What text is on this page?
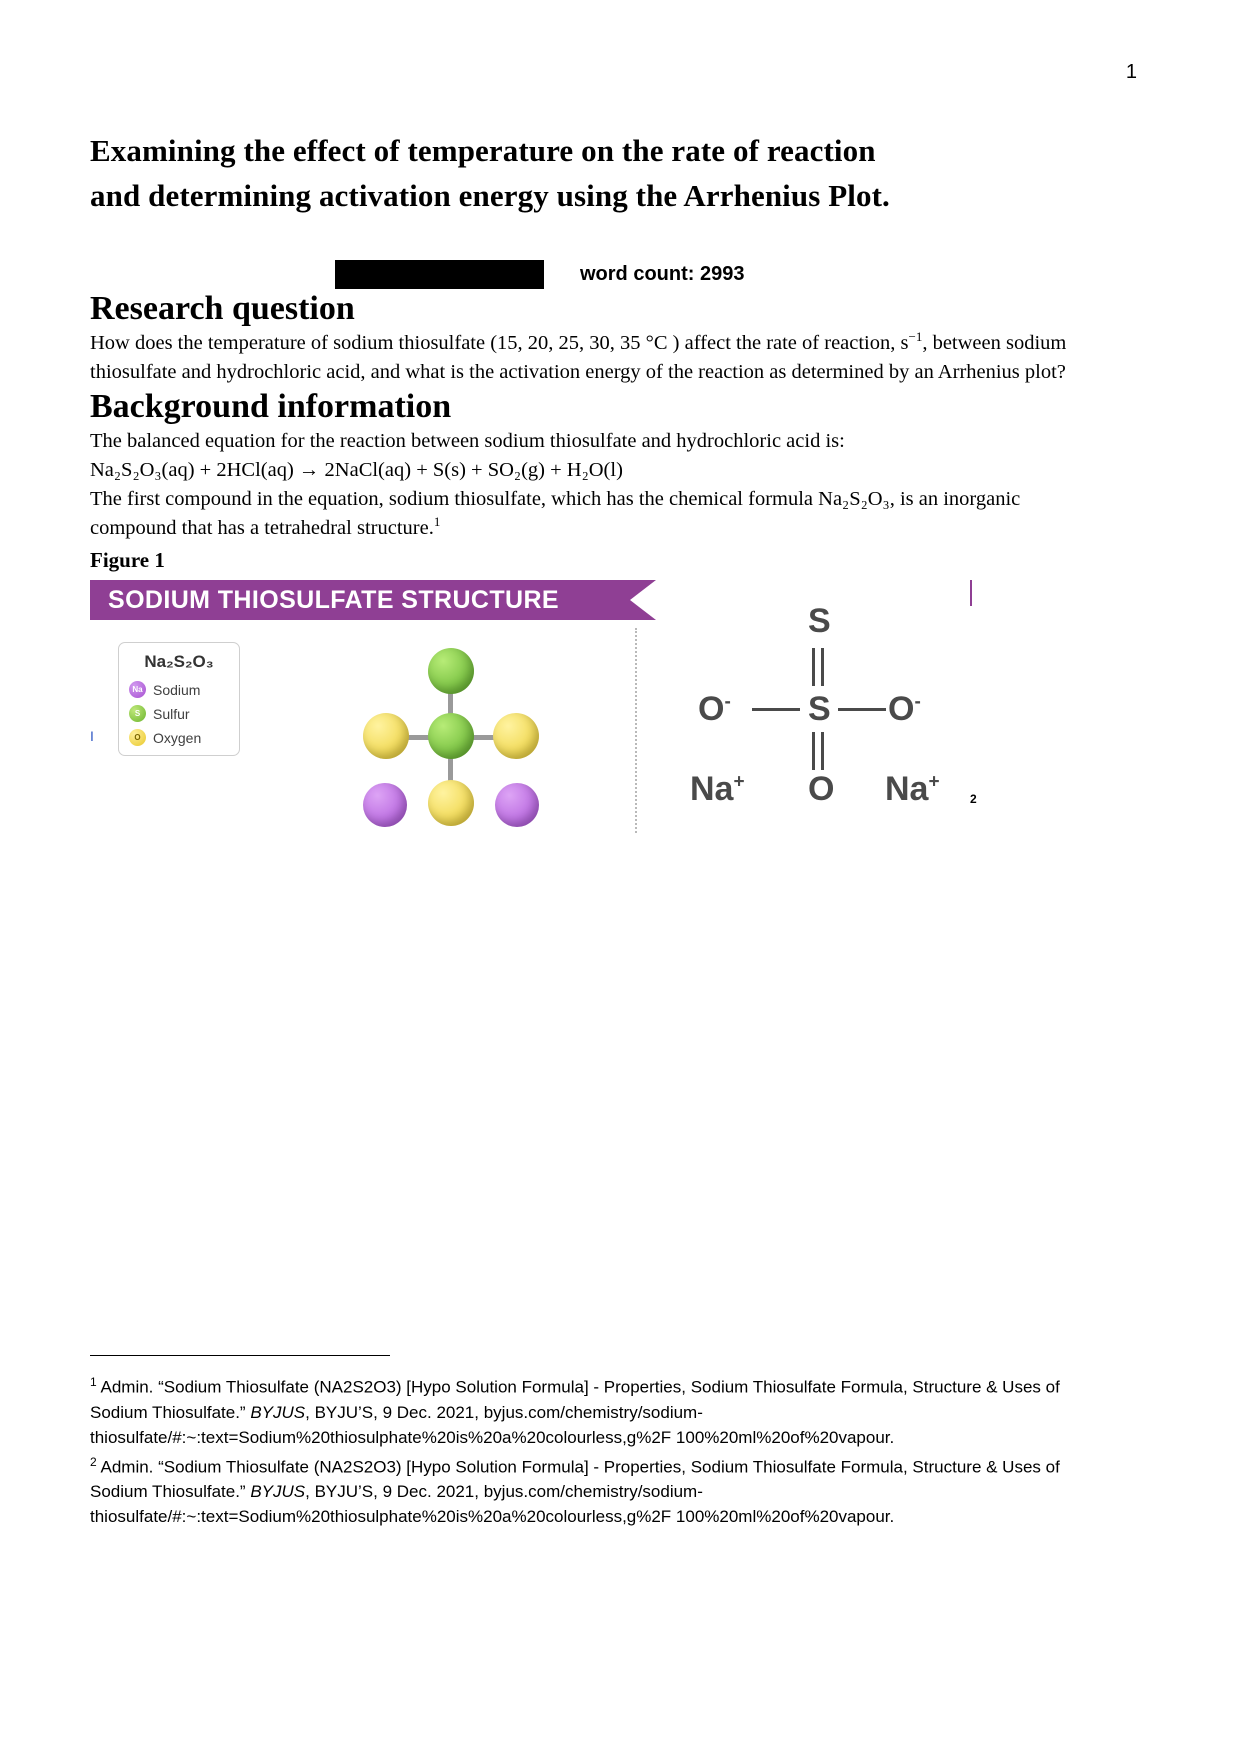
1
Examining the effect of temperature on the rate of reaction
and determining activation energy using the Arrhenius Plot.
word count: 2993
Research question

How does the temperature of sodium thiosulfate (15, 20, 25, 30, 35 °C ) affect the rate of reaction, $s^{-1}$, between sodium thiosulfate and hydrochloric acid, and what is the activation energy of the reaction as determined by an Arrhenius plot?

Background information

The balanced equation for the reaction between sodium thiosulfate and hydrochloric acid is:

Na₂S₂O₃(aq) + 2HCl(aq) → 2NaCl(aq) + S(s) + SO₂(g) + H₂O(l)

The first compound in the equation, sodium thiosulfate, which has the chemical formula Na₂S₂O₃, is an inorganic compound that has a tetrahedral structure.$^1$

Figure 1

I
SODIUM THIOSULFATE STRUCTURE
Na₂S₂O₃
Na Sodium
S Sulfur
O Oxygen
S
S
O-	O-
O
Na+	Na+
2

$^1$ Admin. “Sodium Thiosulfate (NA2S2O3) [Hypo Solution Formula] - Properties, Sodium Thiosulfate Formula, Structure & Uses of Sodium Thiosulfate.” BYJUS, BYJU’S, 9 Dec. 2021, byjus.com/chemistry/sodium-thiosulfate/#:~:text=Sodium%20thiosulphate%20is%20a%20colourless,g%2F 100%20ml%20of%20vapour.

$^2$ Admin. “Sodium Thiosulfate (NA2S2O3) [Hypo Solution Formula] - Properties, Sodium Thiosulfate Formula, Structure & Uses of Sodium Thiosulfate.” BYJUS, BYJU’S, 9 Dec. 2021, byjus.com/chemistry/sodium-thiosulfate/#:~:text=Sodium%20thiosulphate%20is%20a%20colourless,g%2F 100%20ml%20of%20vapour.
